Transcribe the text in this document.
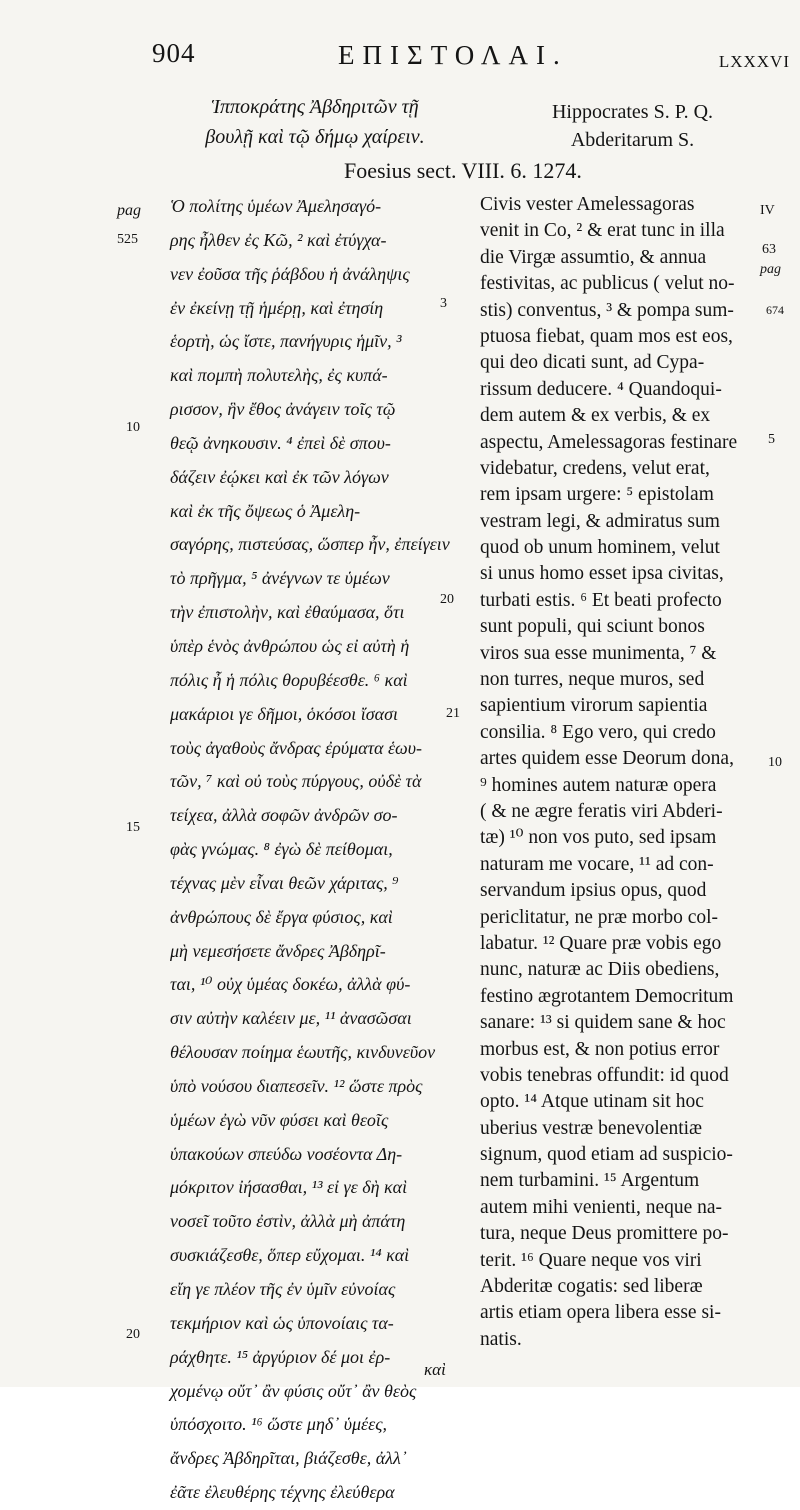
904	ΕΠΙΣΤΟΛΑΙ.	LXXXVI
Ἱπποκράτης Ἀβδηριτῶν τῇ
βουλῇ καὶ τῷ δήμῳ χαίρειν.
Hippocrates S. P. Q.
Abderitarum S.
Foesius sect. VIII. 6. 1274.
Ὁ πολίτης ὑμέων Ἀμελησαγό-
ρης ἦλθεν ἐς Κῶ, ² καὶ ἐτύγχα-
νεν ἐοῦσα τῆς ῥάβδου ἡ ἀνάληψις
ἐν ἐκείνῃ τῇ ἡμέρῃ, καὶ ἐτησίη
ἑορτὴ, ὡς ἴστε, πανήγυρις ἡμῖν, ³
καὶ πομπὴ πολυτελὴς, ἐς κυπά-
ρισσον, ἣν ἔθος ἀνάγειν τοῖς τῷ
θεῷ ἀνηκουσιν. ⁴ ἐπεὶ δὲ σπου-
δάζειν ἐῴκει καὶ ἐκ τῶν λόγων
καὶ ἐκ τῆς ὄψεως ὁ Ἀμελη-
σαγόρης, πιστεύσας, ὥσπερ ἦν, ἐπείγειν
τὸ πρῆγμα, ⁵ ἀνέγνων τε ὑμέων
τὴν ἐπιστολὴν, καὶ ἐθαύμασα, ὅτι
ὑπὲρ ἑνὸς ἀνθρώπου ὡς εἰ αὐτὴ ἡ
πόλις ἦ ἡ πόλις θορυβέεσθε. ⁶ καὶ
μακάριοι γε δῆμοι, ὁκόσοι ἴσασι
τοὺς ἀγαθοὺς ἄνδρας ἐρύματα ἑωυ-
τῶν, ⁷ καὶ οὐ τοὺς πύργους, οὐδὲ τὰ
τείχεα, ἀλλὰ σοφῶν ἀνδρῶν σο-
φὰς γνώμας. ⁸ ἐγὼ δὲ πείθομαι,
τέχνας μὲν εἶναι θεῶν χάριτας, ⁹
ἀνθρώπους δὲ ἔργα φύσιος, καὶ
μὴ νεμεσήσετε ἄνδρες Ἀβδηρῖ-
ται, ¹⁰ οὐχ ὑμέας δοκέω, ἀλλὰ φύ-
σιν αὐτὴν καλέειν με, ¹¹ ἀνασῶσαι
θέλουσαν ποίημα ἑωυτῆς, κινδυνεῦον
ὑπὸ νούσου διαπεσεῖν. ¹² ὥστε πρὸς
ὑμέων ἐγὼ νῦν φύσει καὶ θεοῖς
ὑπακούων σπεύδω νοσέοντα Δη-
μόκριτον ἰήσασθαι, ¹³ εἰ γε δὴ καὶ
νοσεῖ τοῦτο ἐστὶν, ἀλλὰ μὴ ἀπάτη
συσκιάζεσθε, ὅπερ εὔχομαι. ¹⁴ καὶ
εἴη γε πλέον τῆς ἐν ὑμῖν εὐνοίας
τεκμήριον καὶ ὡς ὑπονοίαις τα-
ράχθητε. ¹⁵ ἀργύριον δέ μοι ἐρ-
χομένῳ οὔτ᾽ ἂν φύσις οὔτ᾽ ἂν θεὸς
ὑπόσχοιτο. ¹⁶ ὥστε μηδ᾽ ὑμέες,
ἄνδρες Ἀβδηρῖται, βιάζεσθε, ἀλλ᾽
ἐᾶτε ἐλευθέρης τέχνης ἐλεύθερα
Civis vester Amelessagoras
venit in Co, ² & erat tunc in illa
die Virgæ assumtio, & annua
festivitas, ac publicus ( velut no-
stis) conventus, ³ & pompa sum-
ptuosa fiebat, quam mos est eos,
qui deo dicati sunt, ad Cypa-
rissum deducere. ⁴ Quandoqui-
dem autem & ex verbis, & ex
aspectu, Amelessagoras festinare
videbatur, credens, velut erat,
rem ipsam urgere: ⁵ epistolam
vestram legi, & admiratus sum
quod ob unum hominem, velut
si unus homo esset ipsa civitas,
turbati estis. ⁶ Et beati profecto
sunt populi, qui sciunt bonos
viros sua esse munimenta, ⁷ &
non turres, neque muros, sed
sapientium virorum sapientia
consilia. ⁸ Ego vero, qui credo
artes quidem esse Deorum dona,
⁹ homines autem naturæ opera
( & ne ægre feratis viri Abderi-
tæ) ¹⁰ non vos puto, sed ipsam
naturam me vocare, ¹¹ ad con-
servandum ipsius opus, quod
periclitatur, ne præ morbo col-
labatur. ¹² Quare præ vobis ego
nunc, naturæ ac Diis obediens,
festino ægrotantem Democritum
sanare: ¹³ si quidem sane & hoc
morbus est, & non potius error
vobis tenebras offundit: id quod
opto. ¹⁴ Atque utinam sit hoc
uberius vestræ benevolentiæ
signum, quod etiam ad suspicio-
nem turbamini. ¹⁵ Argentum
autem mihi venienti, neque na-
tura, neque Deus promittere po-
terit. ¹⁶ Quare neque vos viri
Abderitæ cogatis: sed liberæ
artis etiam opera libera esse si-
natis.
καὶ
pag
525
10
15
20
3
20
21
IV
63
pag
674
5
10
